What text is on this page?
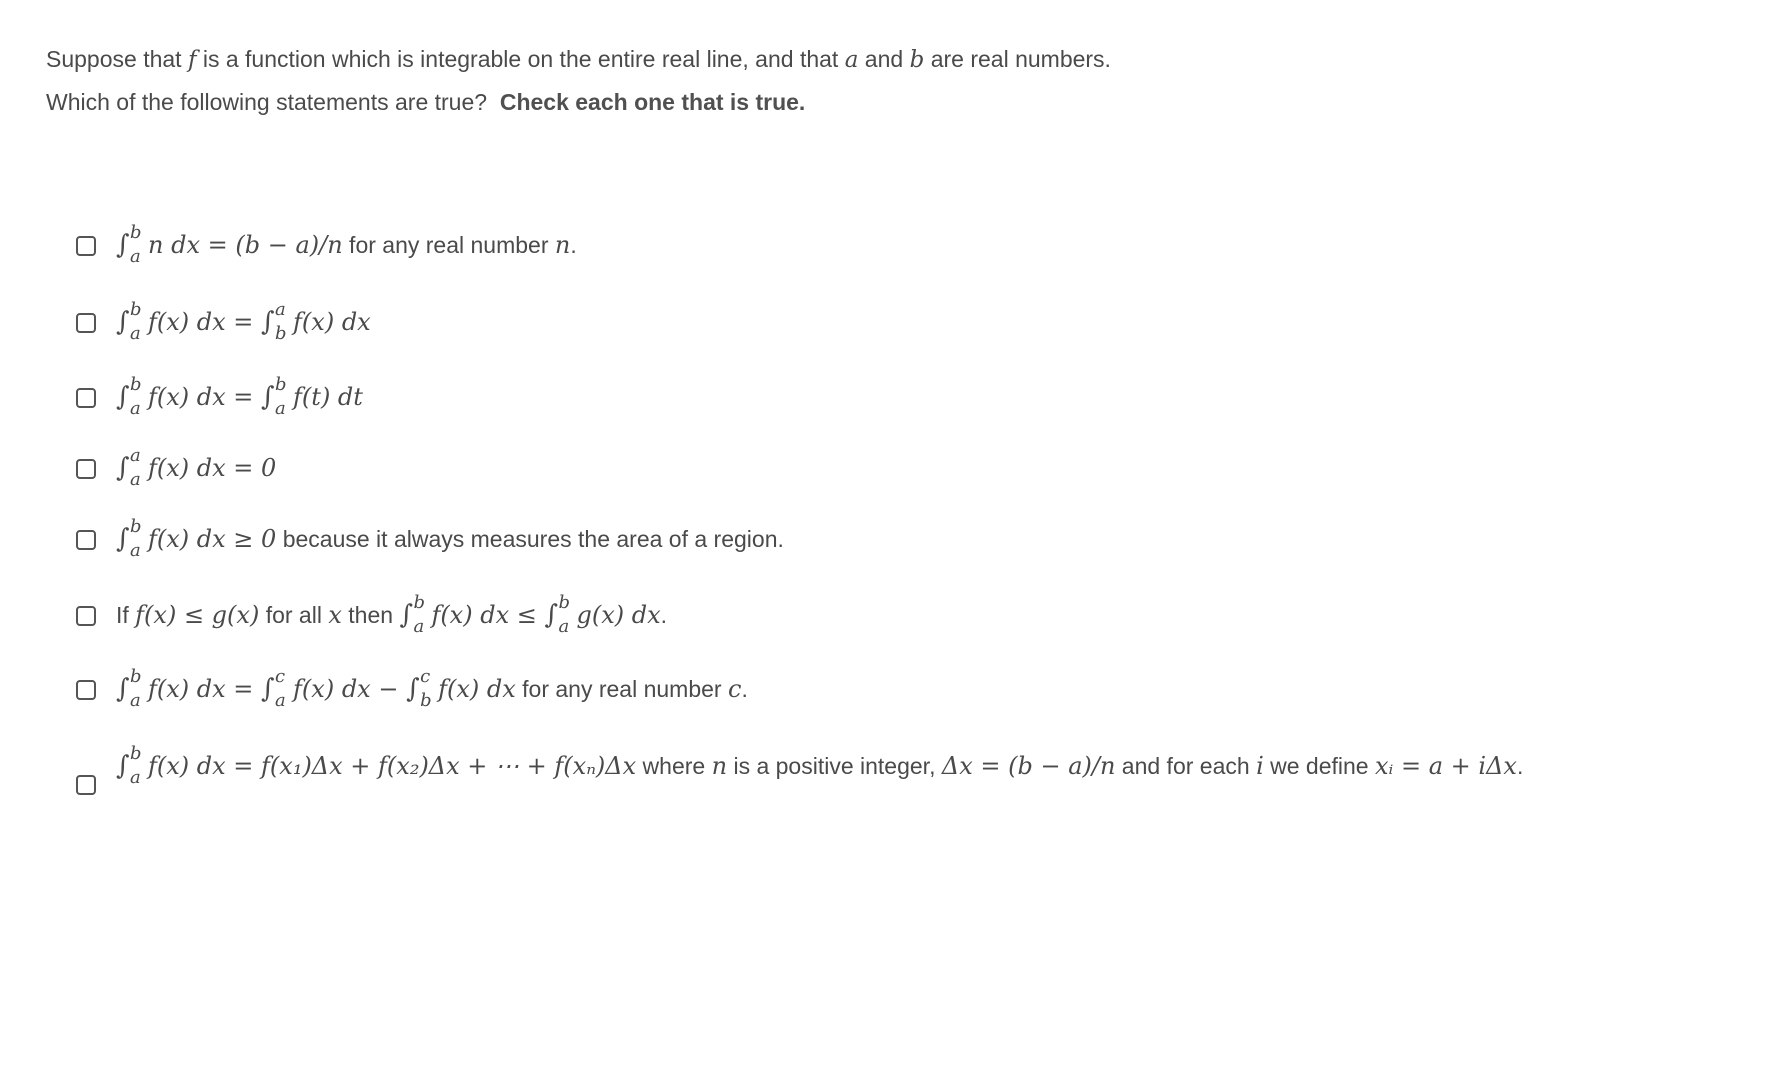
Suppose that f is a function which is integrable on the entire real line, and that a and b are real numbers.
Which of the following statements are true? Check each one that is true.
∫ b
a n dx = (b − a)/n for any real number n.
∫ b
a f(x) dx = ∫ a
b f(x) dx
∫ b
a f(x) dx = ∫ b
a f(t) dt
∫ a
a f(x) dx = 0
∫ b
a f(x) dx ≥ 0 because it always measures the area of a region.
If f(x) ≤ g(x) for all x then ∫ b
a f(x) dx ≤ ∫ b
a g(x) dx.
∫ b
a f(x) dx = ∫ c
a f(x) dx − ∫ c
b f(x) dx for any real number c.
∫ b
a f(x) dx = f(x₁)Δx + f(x₂)Δx + ⋯ + f(xₙ)Δx where n is a positive integer, Δx = (b − a)/n and for each i we define xᵢ = a + iΔx.
